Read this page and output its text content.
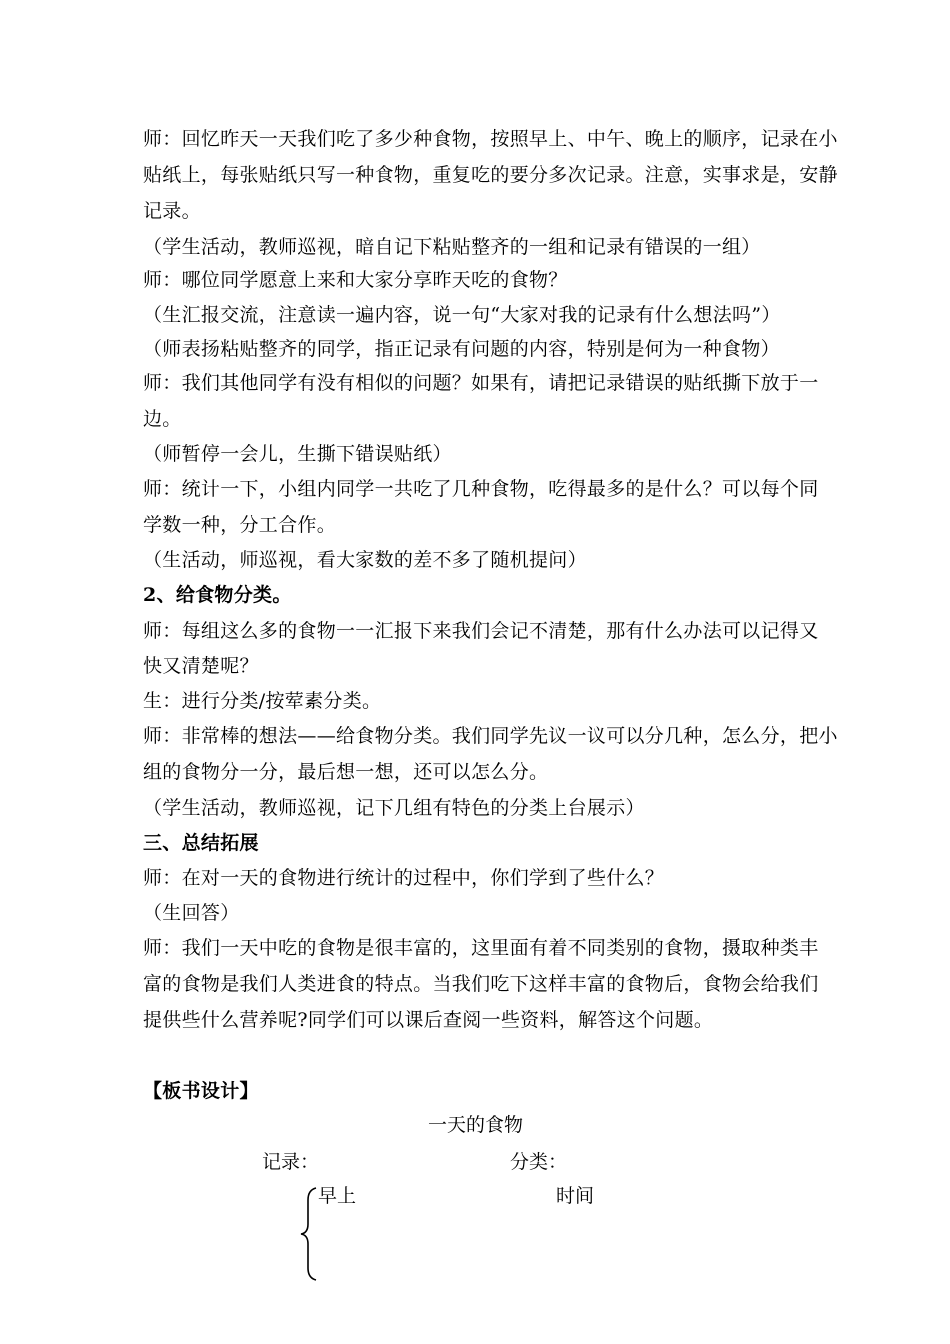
师：回忆昨天一天我们吃了多少种食物，按照早上、中午、晚上的顺序，记录在小
贴纸上，每张贴纸只写一种食物，重复吃的要分多次记录。注意，实事求是，安静
记录。
（学生活动，教师巡视，暗自记下粘贴整齐的一组和记录有错误的一组）
师：哪位同学愿意上来和大家分享昨天吃的食物？
（生汇报交流，注意读一遍内容，说一句“大家对我的记录有什么想法吗”）
（师表扬粘贴整齐的同学，指正记录有问题的内容，特别是何为一种食物）
师：我们其他同学有没有相似的问题？如果有，请把记录错误的贴纸撕下放于一
边。
（师暂停一会儿，生撕下错误贴纸）
师：统计一下，小组内同学一共吃了几种食物，吃得最多的是什么？可以每个同
学数一种，分工合作。
（生活动，师巡视，看大家数的差不多了随机提问）
2、给食物分类。
师：每组这么多的食物一一汇报下来我们会记不清楚，那有什么办法可以记得又
快又清楚呢？
生：进行分类/按荤素分类。
师：非常棒的想法——给食物分类。我们同学先议一议可以分几种，怎么分，把小
组的食物分一分，最后想一想，还可以怎么分。
（学生活动，教师巡视，记下几组有特色的分类上台展示）
三、总结拓展
师：在对一天的食物进行统计的过程中，你们学到了些什么？
（生回答）
师：我们一天中吃的食物是很丰富的，这里面有着不同类别的食物，摄取种类丰
富的食物是我们人类进食的特点。当我们吃下这样丰富的食物后，食物会给我们
提供些什么营养呢?同学们可以课后查阅一些资料，解答这个问题。
【板书设计】
一天的食物
记录：	分类：
早上	时间
